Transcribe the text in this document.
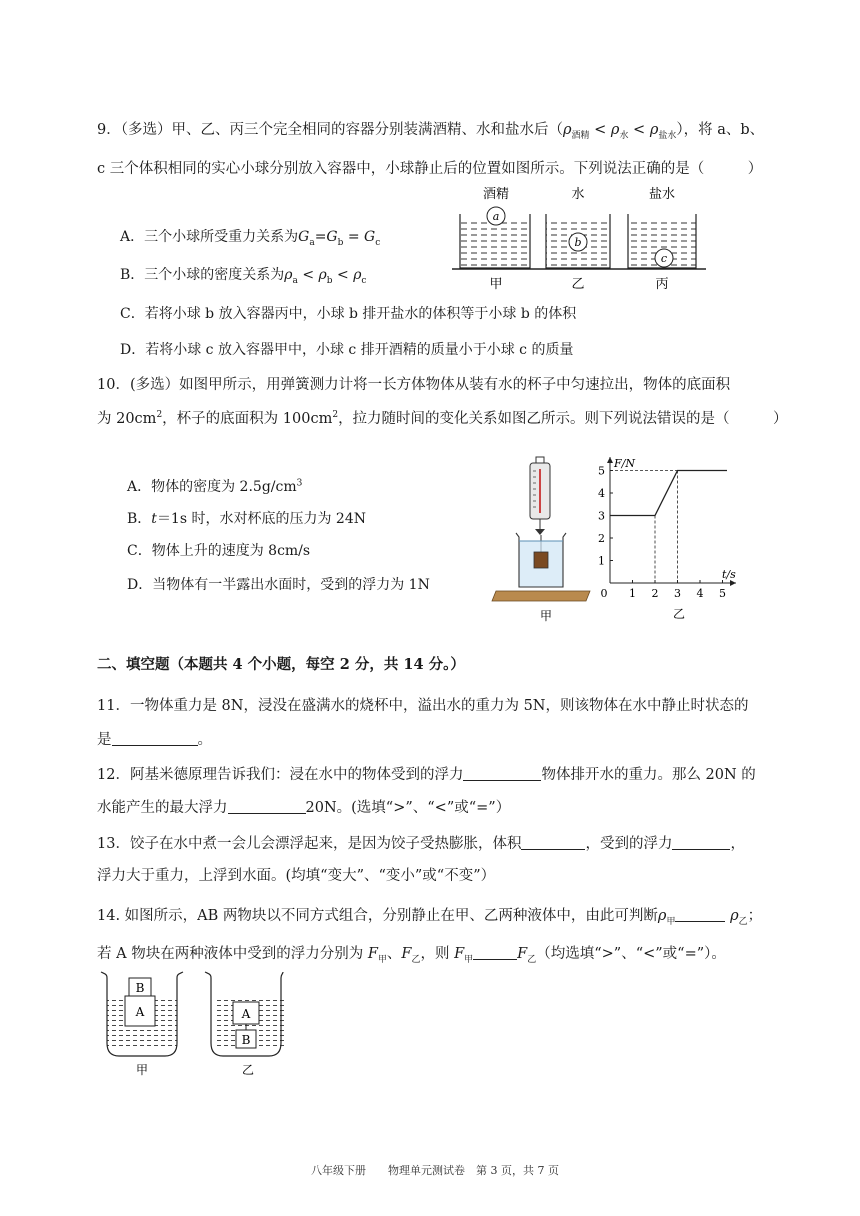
9．（多选）甲、乙、丙三个完全相同的容器分别装满酒精、水和盐水后$(\rho_{酒精} < \rho_水 < \rho_{盐水})$，将 a、b、
c 三个体积相同的实心小球分别放入容器中，小球静止后的位置如图所示。下列说法正确的是（　　　）
A．三个小球所受重力关系为$G_a=G_b = G_c$
B．三个小球的密度关系为$\rho_a < \rho_b < \rho_c$
C．若将小球 b 放入容器丙中，小球 b 排开盐水的体积等于小球 b 的体积
D．若将小球 c 放入容器甲中，小球 c 排开酒精的质量小于小球 c 的质量
酒精	水	盐水
a
b
c
甲	乙	丙
10．(多选）如图甲所示，用弹簧测力计将一长方体物体从装有水的杯子中匀速拉出，物体的底面积
为 $20cm^2$，杯子的底面积为 $100cm^2$，拉力随时间的变化关系如图乙所示。则下列说法错误的是（　　　）
A．物体的密度为 $2.5g/cm^3$
B．t＝1s 时，水对杯底的压力为 24N
C．物体上升的速度为 8cm/s
D．当物体有一半露出水面时，受到的浮力为 1N
甲
F/N
t/s
0 1 2 3 4 5
1
2
3
4
5
乙
二、填空题（本题共 4 个小题，每空 2 分，共 14 分。）
11．一物体重力是 8N，浸没在盛满水的烧杯中，溢出水的重力为 5N，则该物体在水中静止时状态的
是	。
12．阿基米德原理告诉我们：浸在水中的物体受到的浮力	物体排开水的重力。那么 20N 的
水能产生的最大浮力	20N。(选填“>”、“<”或“=”）
13．饺子在水中煮一会儿会漂浮起来，是因为饺子受热膨胀，体积	，受到的浮力	，
浮力大于重力，上浮到水面。(均填“变大”、“变小”或“不变”）
14. 如图所示，AB 两物块以不同方式组合，分别静止在甲、乙两种液体中，由此可判断$\rho_甲$	$\rho_乙$；
若 A 物块在两种液体中受到的浮力分别为 $F_甲$、$F_乙$，则 $F_甲$	$F_乙$（均选填“>”、“<”或“=”）。
A
B
甲
A
B
乙
八年级下册　　物理单元测试卷　第 3 页，共 7 页
